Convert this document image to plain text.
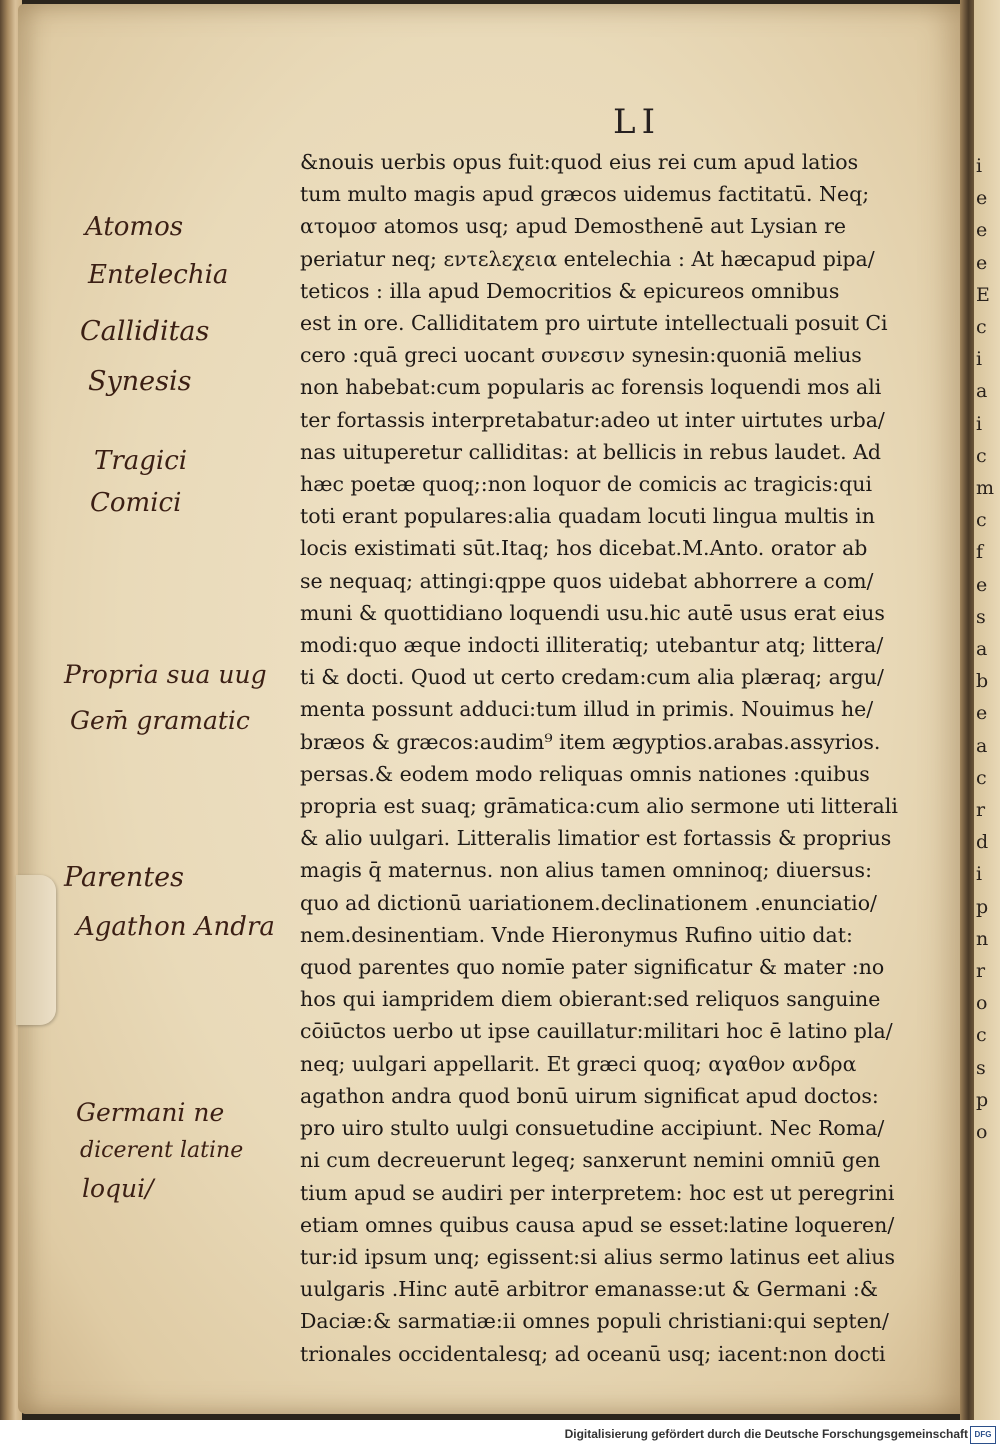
LI
Atomos
Entelechia
Calliditas
Synesis
Tragici
Comici
Propria sua uug
Gem̄ gramatic
Parentes
Agathon Andra
Germani ne
dicerent latine
loqui/
&nouis uerbis opus fuit:quod eius rei cum apud latios
tum multo magis apud græcos uidemus factitatū. Neq;
ατομοσ atomos usq; apud Demosthenē aut Lysian re
periatur neq; εντελεχεια entelechia : At hæcapud pipa/
teticos : illa apud Democritios & epicureos omnibus
est in ore. Calliditatem pro uirtute intellectuali posuit Ci
cero :quā greci uocant συνεσιν synesin:quoniā melius
non habebat:cum popularis ac forensis loquendi mos ali
ter fortassis interpretabatur:adeo ut inter uirtutes urba/
nas uituperetur calliditas: at bellicis in rebus laudet. Ad
hæc poetæ quoq;:non loquor de comicis ac tragicis:qui
toti erant populares:alia quadam locuti lingua multis in
locis existimati sūt.Itaq; hos dicebat.M.Anto. orator ab
se nequaq; attingi:qppe quos uidebat abhorrere a com/
muni & quottidiano loquendi usu.hic autē usus erat eius
modi:quo æque indocti illiteratiq; utebantur atq; littera/
ti & docti. Quod ut certo credam:cum alia plæraq; argu/
menta possunt adduci:tum illud in primis. Nouimus he/
bræos & græcos:audim⁹ item ægyptios.arabas.assyrios.
persas.& eodem modo reliquas omnis nationes :quibus
propria est suaq; grāmatica:cum alio sermone uti litterali
& alio uulgari. Litteralis limatior est fortassis & proprius
magis q̄ maternus. non alius tamen omninoq; diuersus:
quo ad dictionū uariationem.declinationem .enunciatio/
nem.desinentiam. Vnde Hieronymus Rufino uitio dat:
quod parentes quo nomīe pater significatur & mater :no
hos qui iampridem diem obierant:sed reliquos sanguine
cōiūctos uerbo ut ipse cauillatur:militari hoc ē latino pla/
neq; uulgari appellarit. Et græci quoq; αγαθον ανδρα
agathon andra quod bonū uirum significat apud doctos:
pro uiro stulto uulgi consuetudine accipiunt. Nec Roma/
ni cum decreuerunt legeq; sanxerunt nemini omniū gen
tium apud se audiri per interpretem: hoc est ut peregrini
etiam omnes quibus causa apud se esset:latine loqueren/
tur:id ipsum unq; egissent:si alius sermo latinus eet alius
uulgaris .Hinc autē arbitror emanasse:ut & Germani :&
Daciæ:& sarmatiæ:ii omnes populi christiani:qui septen/
trionales occidentalesq; ad oceanū usq; iacent:non docti
i
e
e
e
E
c
i
a
i
c
m
c
f
e
s
a
b
e
a
c
r
d
i
p
n
r
o
c
s
p
o
Digitalisierung gefördert durch die Deutsche Forschungsgemeinschaft DFG
